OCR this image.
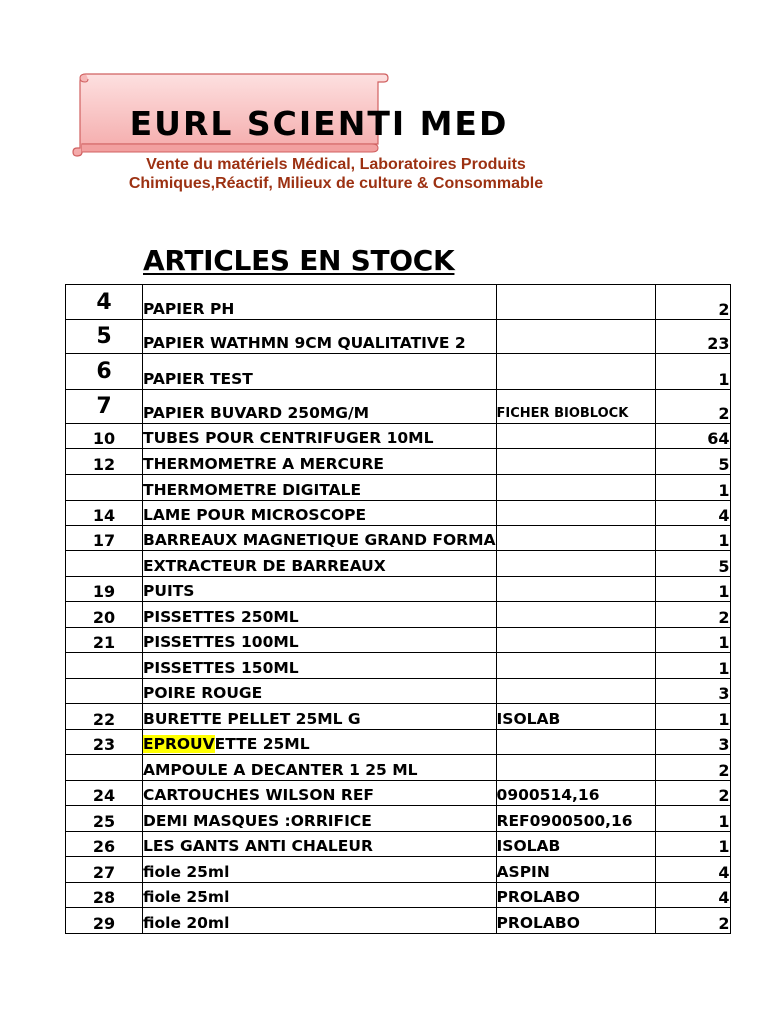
EURL SCIENTI MED
Vente du matériels Médical, Laboratoires Produits
Chimiques,Réactif, Milieux de culture & Consommable
ARTICLES EN STOCK
4	PAPIER PH		2
5	PAPIER WATHMN 9CM QUALITATIVE 2		23
6	PAPIER TEST		1
7	PAPIER BUVARD 250MG/M	FICHER BIOBLOCK	2
10	TUBES POUR CENTRIFUGER 10ML		64
12	THERMOMETRE A MERCURE		5
	THERMOMETRE DIGITALE		1
14	LAME POUR MICROSCOPE		4
17	BARREAUX MAGNETIQUE GRAND FORMA		1
	EXTRACTEUR DE BARREAUX		5
19	PUITS		1
20	PISSETTES 250ML		2
21	PISSETTES 100ML		1
	PISSETTES 150ML		1
	POIRE ROUGE		3
22	BURETTE PELLET 25ML G	ISOLAB	1
23	EPROUVETTE 25ML		3
	AMPOULE A DECANTER 1 25 ML		2
24	CARTOUCHES WILSON REF	0900514,16	2
25	DEMI MASQUES :ORRIFICE	REF0900500,16	1
26	LES GANTS ANTI CHALEUR	ISOLAB	1
27	fiole 25ml	ASPIN	4
28	fiole 25ml	PROLABO	4
29	fiole 20ml	PROLABO	2
